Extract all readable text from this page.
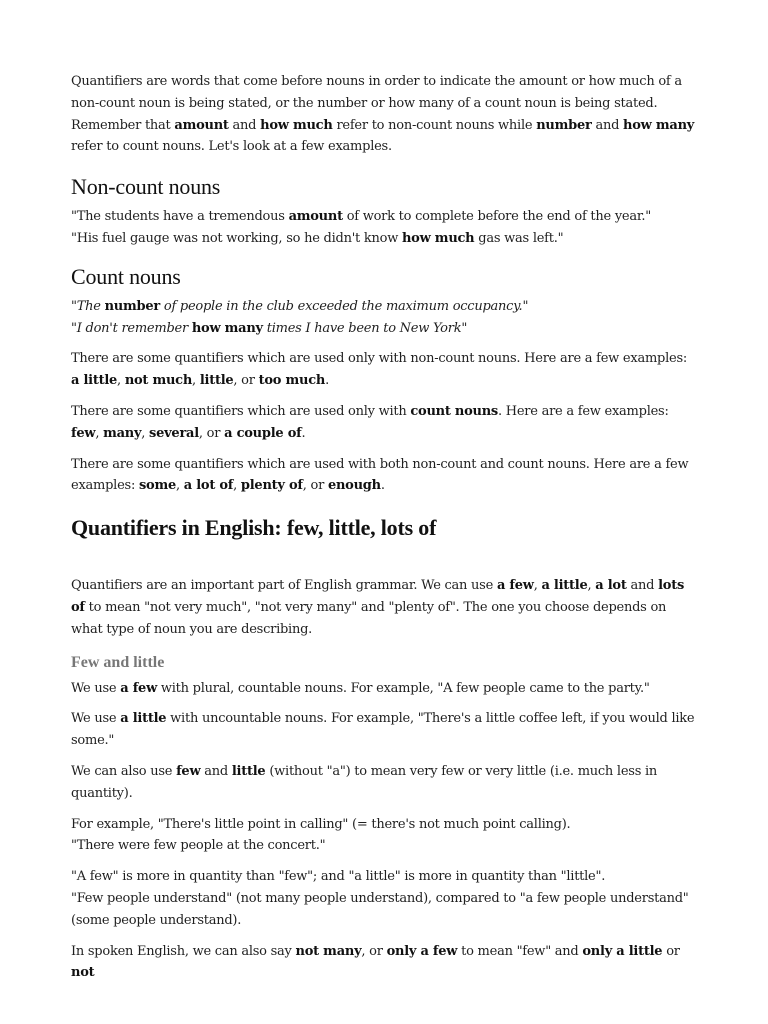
Quantifiers are words that come before nouns in order to indicate the amount or how much of a non-count noun is being stated, or the number or how many of a count noun is being stated. Remember that amount and how much refer to non-count nouns while number and how many refer to count nouns. Let's look at a few examples.

Non-count nouns

"The students have a tremendous amount of work to complete before the end of the year."

"His fuel gauge was not working, so he didn't know how much gas was left."

Count nouns

"The number of people in the club exceeded the maximum occupancy."

"I don't remember how many times I have been to New York"

There are some quantifiers which are used only with non-count nouns. Here are a few examples: a little, not much, little, or too much.

There are some quantifiers which are used only with count nouns. Here are a few examples: few, many, several, or a couple of.

There are some quantifiers which are used with both non-count and count nouns. Here are a few examples: some, a lot of, plenty of, or enough.

Quantifiers in English: few, little, lots of

Quantifiers are an important part of English grammar. We can use a few, a little, a lot and lots of to mean "not very much", "not very many" and "plenty of". The one you choose depends on what type of noun you are describing.

Few and little

We use a few with plural, countable nouns. For example, "A few people came to the party."

We use a little with uncountable nouns. For example, "There's a little coffee left, if you would like some."

We can also use few and little (without "a") to mean very few or very little (i.e. much less in quantity).

For example, "There's little point in calling" (= there's not much point calling).
"There were few people at the concert."

"A few" is more in quantity than "few"; and "a little" is more in quantity than "little".
"Few people understand" (not many people understand), compared to "a few people understand" (some people understand).

In spoken English, we can also say not many, or only a few to mean "few" and only a little or not
